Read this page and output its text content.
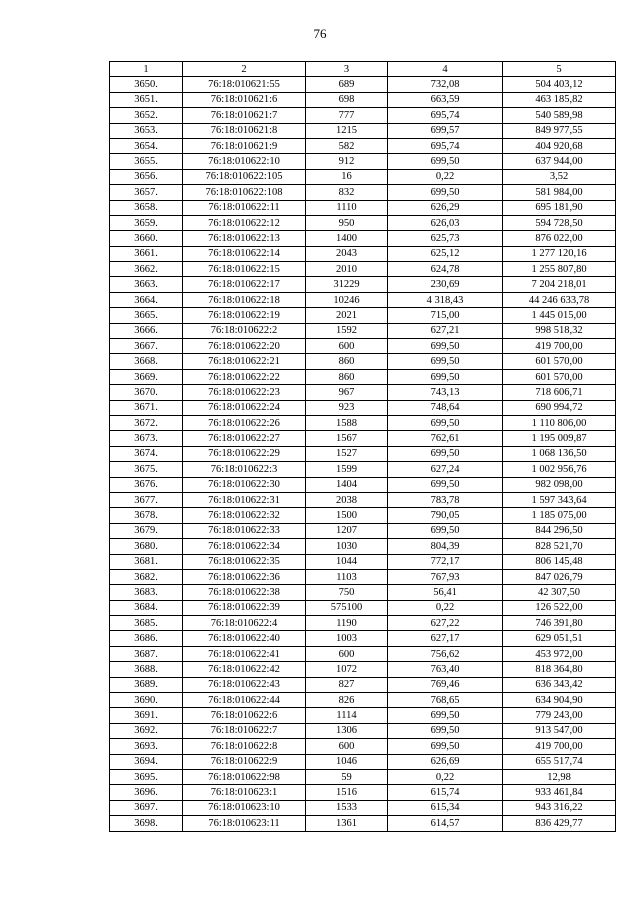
76
1	2	3	4	5
3650.	76:18:010621:55	689	732,08	504 403,12
3651.	76:18:010621:6	698	663,59	463 185,82
3652.	76:18:010621:7	777	695,74	540 589,98
3653.	76:18:010621:8	1215	699,57	849 977,55
3654.	76:18:010621:9	582	695,74	404 920,68
3655.	76:18:010622:10	912	699,50	637 944,00
3656.	76:18:010622:105	16	0,22	3,52
3657.	76:18:010622:108	832	699,50	581 984,00
3658.	76:18:010622:11	1110	626,29	695 181,90
3659.	76:18:010622:12	950	626,03	594 728,50
3660.	76:18:010622:13	1400	625,73	876 022,00
3661.	76:18:010622:14	2043	625,12	1 277 120,16
3662.	76:18:010622:15	2010	624,78	1 255 807,80
3663.	76:18:010622:17	31229	230,69	7 204 218,01
3664.	76:18:010622:18	10246	4 318,43	44 246 633,78
3665.	76:18:010622:19	2021	715,00	1 445 015,00
3666.	76:18:010622:2	1592	627,21	998 518,32
3667.	76:18:010622:20	600	699,50	419 700,00
3668.	76:18:010622:21	860	699,50	601 570,00
3669.	76:18:010622:22	860	699,50	601 570,00
3670.	76:18:010622:23	967	743,13	718 606,71
3671.	76:18:010622:24	923	748,64	690 994,72
3672.	76:18:010622:26	1588	699,50	1 110 806,00
3673.	76:18:010622:27	1567	762,61	1 195 009,87
3674.	76:18:010622:29	1527	699,50	1 068 136,50
3675.	76:18:010622:3	1599	627,24	1 002 956,76
3676.	76:18:010622:30	1404	699,50	982 098,00
3677.	76:18:010622:31	2038	783,78	1 597 343,64
3678.	76:18:010622:32	1500	790,05	1 185 075,00
3679.	76:18:010622:33	1207	699,50	844 296,50
3680.	76:18:010622:34	1030	804,39	828 521,70
3681.	76:18:010622:35	1044	772,17	806 145,48
3682.	76:18:010622:36	1103	767,93	847 026,79
3683.	76:18:010622:38	750	56,41	42 307,50
3684.	76:18:010622:39	575100	0,22	126 522,00
3685.	76:18:010622:4	1190	627,22	746 391,80
3686.	76:18:010622:40	1003	627,17	629 051,51
3687.	76:18:010622:41	600	756,62	453 972,00
3688.	76:18:010622:42	1072	763,40	818 364,80
3689.	76:18:010622:43	827	769,46	636 343,42
3690.	76:18:010622:44	826	768,65	634 904,90
3691.	76:18:010622:6	1114	699,50	779 243,00
3692.	76:18:010622:7	1306	699,50	913 547,00
3693.	76:18:010622:8	600	699,50	419 700,00
3694.	76:18:010622:9	1046	626,69	655 517,74
3695.	76:18:010622:98	59	0,22	12,98
3696.	76:18:010623:1	1516	615,74	933 461,84
3697.	76:18:010623:10	1533	615,34	943 316,22
3698.	76:18:010623:11	1361	614,57	836 429,77
